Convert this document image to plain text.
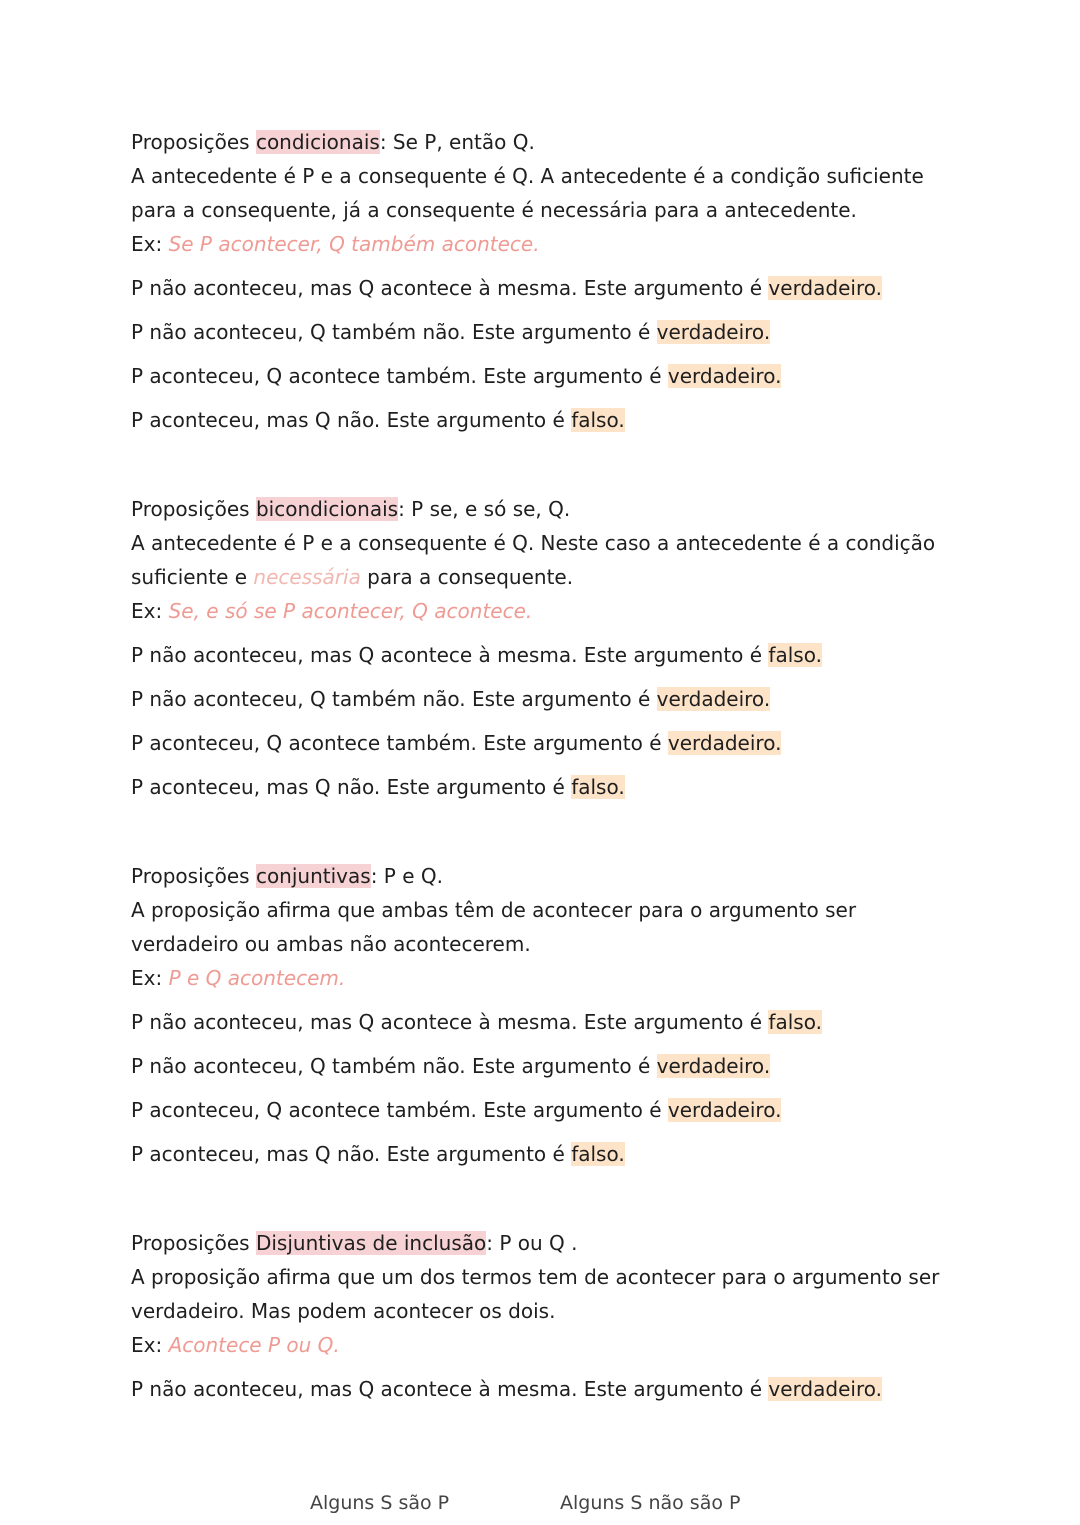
Proposições condicionais: Se P, então Q.

A antecedente é P e a consequente é Q. A antecedente é a condição suficiente para a consequente, já a consequente é necessária para a antecedente.

Ex: Se P acontecer, Q também acontece.

P não aconteceu, mas Q acontece à mesma. Este argumento é verdadeiro.

P não aconteceu, Q também não. Este argumento é verdadeiro.

P aconteceu, Q acontece também. Este argumento é verdadeiro.

P aconteceu, mas Q não. Este argumento é falso.

Proposições bicondicionais: P se, e só se, Q.

A antecedente é P e a consequente é Q. Neste caso a antecedente é a condição suficiente e necessária para a consequente.

Ex: Se, e só se P acontecer, Q acontece.

P não aconteceu, mas Q acontece à mesma. Este argumento é falso.

P não aconteceu, Q também não. Este argumento é verdadeiro.

P aconteceu, Q acontece também. Este argumento é verdadeiro.

P aconteceu, mas Q não. Este argumento é falso.

Proposições conjuntivas: P e Q.

A proposição afirma que ambas têm de acontecer para o argumento ser verdadeiro ou ambas não acontecerem.

Ex: P e Q acontecem.

P não aconteceu, mas Q acontece à mesma. Este argumento é falso.

P não aconteceu, Q também não. Este argumento é verdadeiro.

P aconteceu, Q acontece também. Este argumento é verdadeiro.

P aconteceu, mas Q não. Este argumento é falso.

Proposições Disjuntivas de inclusão: P ou Q .

A proposição afirma que um dos termos tem de acontecer para o argumento ser verdadeiro. Mas podem acontecer os dois.

Ex: Acontece P ou Q.

P não aconteceu, mas Q acontece à mesma. Este argumento é verdadeiro.

Alguns S são P	Alguns S não são P
